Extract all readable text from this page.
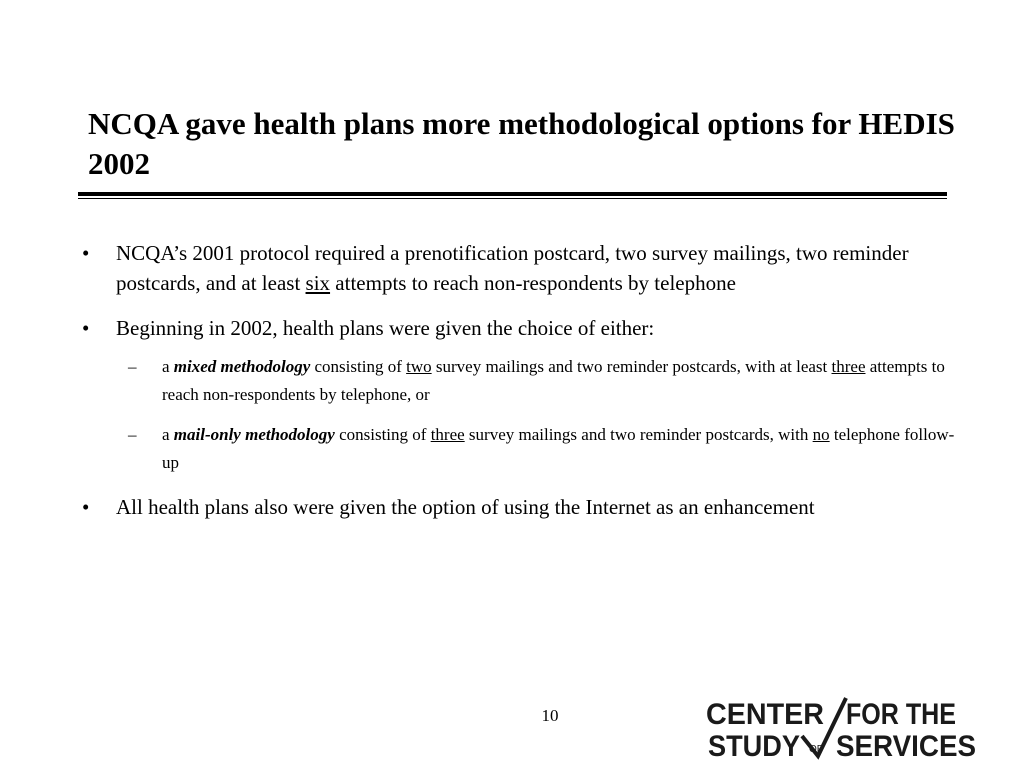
NCQA gave health plans more methodological options for HEDIS 2002
• NCQA’s 2001 protocol required a prenotification postcard, two survey mailings, two reminder postcards, and at least six attempts to reach non-respondents by telephone
• Beginning in 2002, health plans were given the choice of either:
–	a mixed methodology consisting of two survey mailings and two reminder postcards, with at least three attempts to reach non-respondents by telephone, or
–	a mail-only methodology consisting of three survey mailings and two reminder postcards, with no telephone follow-up
• All health plans also were given the option of using the Internet as an enhancement
10	CENTER FOR THE
STUDY SERVICES
OF
